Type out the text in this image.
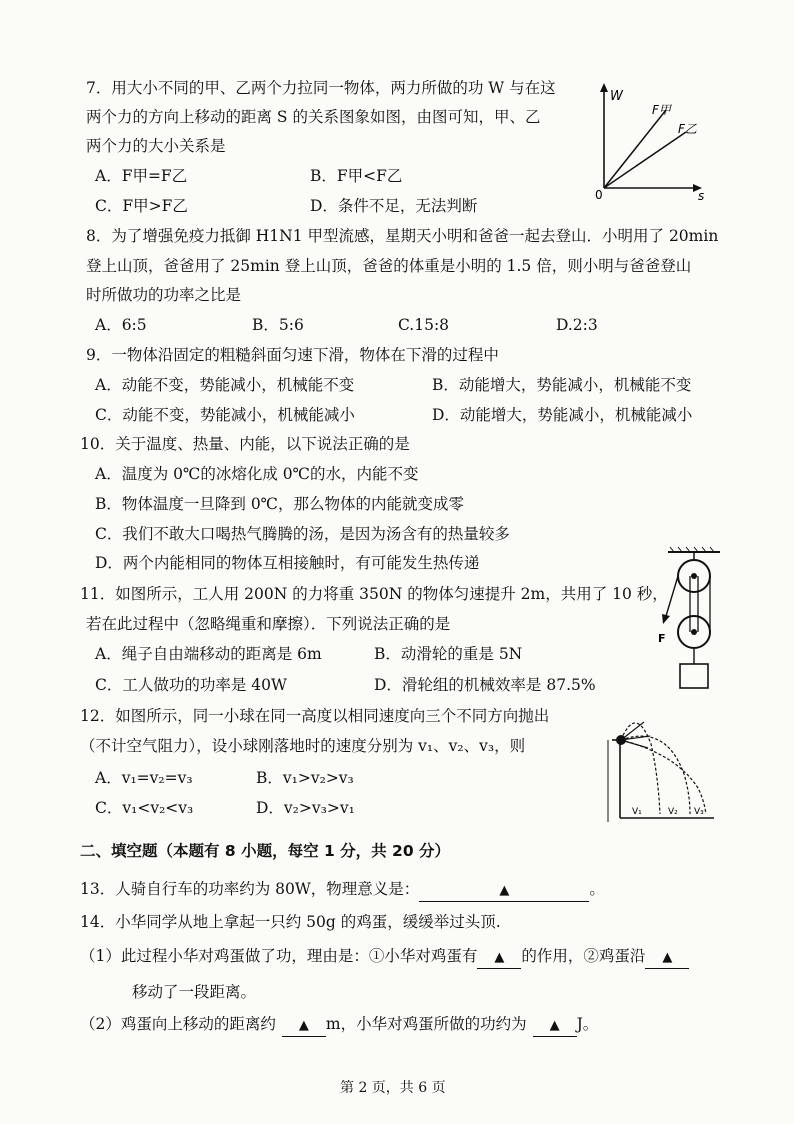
7．用大小不同的甲、乙两个力拉同一物体，两力所做的功 W 与在这
两个力的方向上移动的距离 S 的关系图象如图，由图可知，甲、乙
两个力的大小关系是
A．F甲=F乙	B．F甲<F乙
C．F甲>F乙	D．条件不足，无法判断
W
s
0
F甲
F乙
8．为了增强免疫力抵御 H1N1 甲型流感，星期天小明和爸爸一起去登山．小明用了 20min
登上山顶，爸爸用了 25min 登上山顶，爸爸的体重是小明的 1.5 倍，则小明与爸爸登山
时所做功的功率之比是
A．6:5	B．5:6	C.15:8	D.2:3
9．一物体沿固定的粗糙斜面匀速下滑，物体在下滑的过程中
A．动能不变，势能减小，机械能不变	B．动能增大，势能减小，机械能不变
C．动能不变，势能减小，机械能减小	D．动能增大，势能减小，机械能减小
10．关于温度、热量、内能，以下说法正确的是
A．温度为 0℃的冰熔化成 0℃的水，内能不变
B．物体温度一旦降到 0℃，那么物体的内能就变成零
C．我们不敢大口喝热气腾腾的汤，是因为汤含有的热量较多
D．两个内能相同的物体互相接触时，有可能发生热传递
F
11．如图所示，工人用 200N 的力将重 350N 的物体匀速提升 2m，共用了 10 秒，
若在此过程中（忽略绳重和摩擦）．下列说法正确的是
A．绳子自由端移动的距离是 6m	B．动滑轮的重是 5N
C．工人做功的功率是 40W	D．滑轮组的机械效率是 87.5%
V₁	V₂ V₃
12．如图所示，同一小球在同一高度以相同速度向三个不同方向抛出
（不计空气阻力），设小球刚落地时的速度分别为 v₁、v₂、v₃，则
A．v₁=v₂=v₃	B．v₁>v₂>v₃
C．v₁<v₂<v₃	D．v₂>v₃>v₁
二、填空题（本题有 8 小题，每空 1 分，共 20 分）
13．人骑自行车的功率约为 80W，物理意义是：	▲	。
14．小华同学从地上拿起一只约 50g 的鸡蛋，缓缓举过头顶.
（1）此过程小华对鸡蛋做了功，理由是：①小华对鸡蛋有 ▲ 的作用，②鸡蛋沿 ▲
移动了一段距离。
（2）鸡蛋向上移动的距离约 ▲ m，小华对鸡蛋所做的功约为 ▲ J。
第 2 页，共 6 页
